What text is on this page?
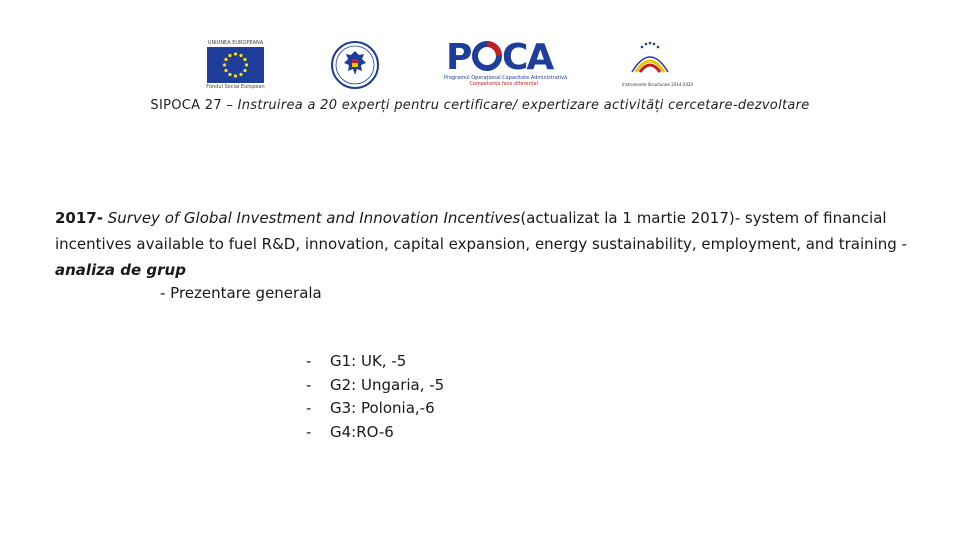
UNIUNEA EUROPEANĂ
Fondul Social European
P CA
Programul Operațional Capacitate Administrativă
Competența face diferența!	Instrumente Structurale 2014-2020
SIPOCA 27 – Instruirea a 20 experți pentru certificare/ expertizare activități cercetare-dezvoltare
2017- Survey of Global Investment and Innovation Incentives(actualizat la 1 martie 2017)- system of financial incentives available to fuel R&D, innovation, capital expansion, energy sustainability, employment, and training - analiza de grup
- Prezentare generala
-	G1: UK, -5
-	G2: Ungaria, -5
-	G3: Polonia,-6
-	G4:RO-6
